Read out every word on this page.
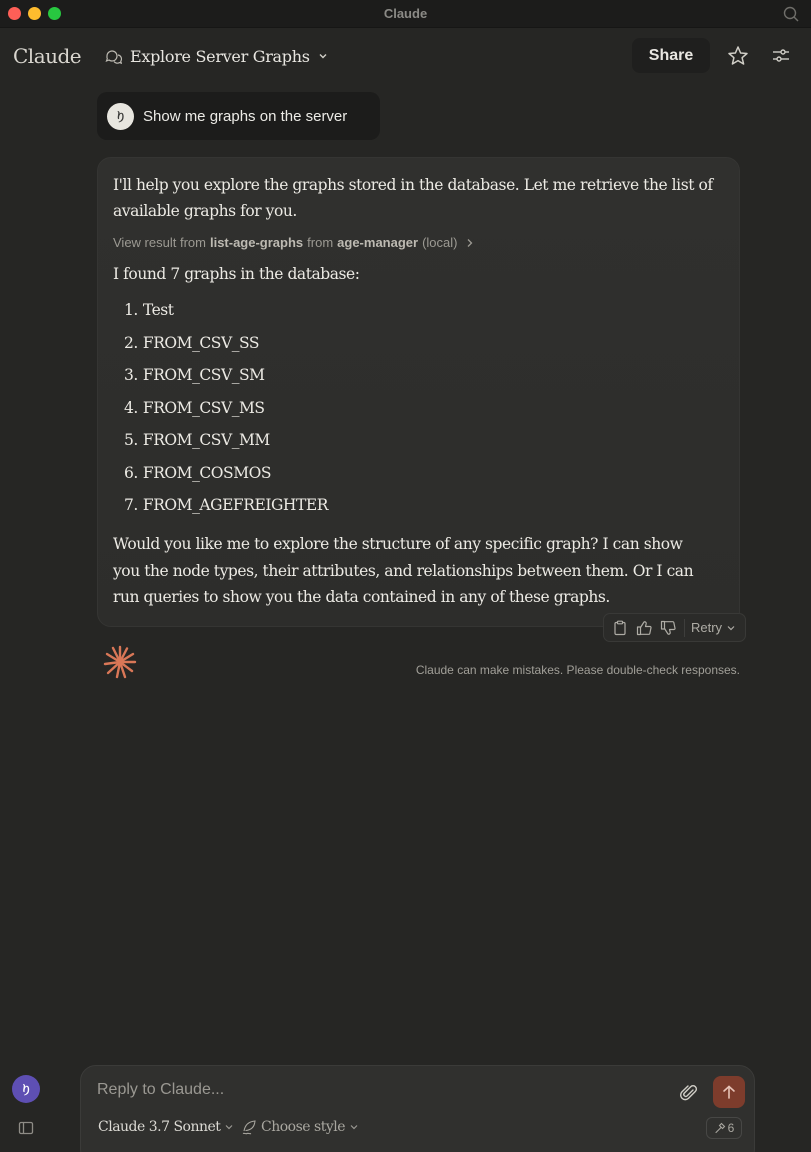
Claude
Claude	Explore Server Graphs	Share
り	Show me graphs on the server
I'll help you explore the graphs stored in the database. Let me retrieve the list of available graphs for you.
View result from list-age-graphs from age-manager (local)
I found 7 graphs in the database:
1. Test
2. FROM_CSV_SS
3. FROM_CSV_SM
4. FROM_CSV_MS
5. FROM_CSV_MM
6. FROM_COSMOS
7. FROM_AGEFREIGHTER
Would you like me to explore the structure of any specific graph? I can show you the node types, their attributes, and relationships between them. Or I can run queries to show you the data contained in any of these graphs.
Retry
Claude can make mistakes. Please double-check responses.
り
Reply to Claude...
Claude 3.7 Sonnet	Choose style	6
